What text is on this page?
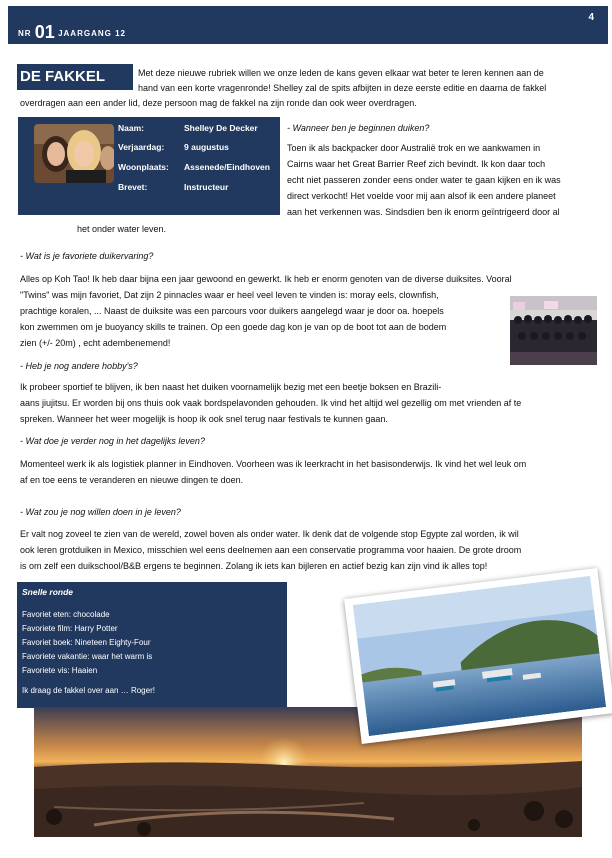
NR 01 JAARGANG 12
4
DE FAKKEL	Met deze nieuwe rubriek willen we onze leden de kans geven elkaar wat beter te leren kennen aan de

hand van een korte vragenronde! Shelley zal de spits afbijten in deze eerste editie en daarna de fakkel

overdragen aan een ander lid, deze persoon mag de fakkel na zijn ronde dan ook weer overdragen.

Naam:	Shelley De Decker
Verjaardag: 9 augustus
Woonplaats: Assenede/Eindhoven
Brevet:	Instructeur

- Wanneer ben je beginnen duiken?

Toen ik als backpacker door Australië trok en we aankwamen in

Cairns waar het Great Barrier Reef zich bevindt. Ik kon daar toch

echt niet passeren zonder eens onder water te gaan kijken en ik was

direct verkocht! Het voelde voor mij aan alsof ik een andere planeet

aan het verkennen was. Sindsdien ben ik enorm geïntrigeerd door al

het onder water leven.

- Wat is je favoriete duikervaring?

Alles op Koh Tao! Ik heb daar bijna een jaar gewoond en gewerkt. Ik heb er enorm genoten van de diverse duiksites. Vooral

"Twins" was mijn favoriet, Dat zijn 2 pinnacles waar er heel veel leven te vinden is: moray eels, clownfish,

prachtige koralen, ... Naast de duiksite was een parcours voor duikers aangelegd waar je door oa. hoepels

kon zwemmen om je buoyancy skills te trainen. Op een goede dag kon je van op de boot tot aan de bodem

zien (+/- 20m) , echt adembenemend!

- Heb je nog andere hobby's?

Ik probeer sportief te blijven, ik ben naast het duiken voornamelijk bezig met een beetje boksen en Brazili-

aans jiujitsu. Er worden bij ons thuis ook vaak bordspelavonden gehouden. Ik vind het altijd wel gezellig om met vrienden af te

spreken. Wanneer het weer mogelijk is hoop ik ook snel terug naar festivals te kunnen gaan.

- Wat doe je verder nog in het dagelijks leven?

Momenteel werk ik als logistiek planner in Eindhoven. Voorheen was ik leerkracht in het basisonderwijs. Ik vind het wel leuk om

af en toe eens te veranderen en nieuwe dingen te doen.

- Wat zou je nog willen doen in je leven?

Er valt nog zoveel te zien van de wereld, zowel boven als onder water. Ik denk dat de volgende stop Egypte zal worden, ik wil

ook leren grotduiken in Mexico, misschien wel eens deelnemen aan een conservatie programma voor haaien. De grote droom

is om zelf een duikschool/B&B ergens te beginnen. Zolang ik iets kan bijleren en actief bezig kan zijn vind ik alles top!

Snelle ronde
Favoriet eten: chocolade
Favoriete film: Harry Potter
Favoriet boek: Nineteen Eighty-Four
Favoriete vakantie: waar het warm is
Favoriete vis: Haaien
Ik draag de fakkel over aan … Roger!
